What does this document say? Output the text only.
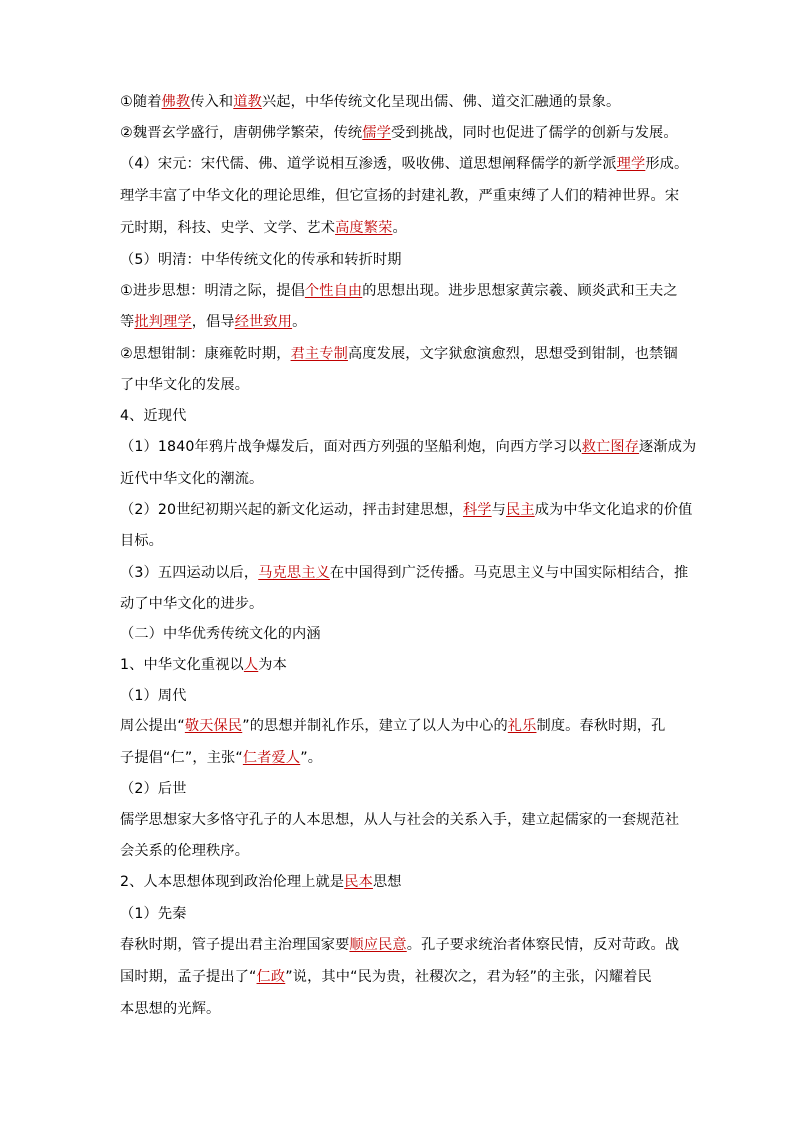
①随着佛教传入和道教兴起，中华传统文化呈现出儒、佛、道交汇融通的景象。
②魏晋玄学盛行，唐朝佛学繁荣，传统儒学受到挑战，同时也促进了儒学的创新与发展。
（4）宋元：宋代儒、佛、道学说相互渗透，吸收佛、道思想阐释儒学的新学派理学形成。
理学丰富了中华文化的理论思维，但它宣扬的封建礼教，严重束缚了人们的精神世界。宋
元时期，科技、史学、文学、艺术高度繁荣。
（5）明清：中华传统文化的传承和转折时期
①进步思想：明清之际，提倡个性自由的思想出现。进步思想家黄宗羲、顾炎武和王夫之
等批判理学，倡导经世致用。
②思想钳制：康雍乾时期，君主专制高度发展，文字狱愈演愈烈，思想受到钳制，也禁锢
了中华文化的发展。
4、近现代
（1）1840年鸦片战争爆发后，面对西方列强的坚船利炮，向西方学习以救亡图存逐渐成为
近代中华文化的潮流。
（2）20世纪初期兴起的新文化运动，抨击封建思想，科学与民主成为中华文化追求的价值
目标。
（3）五四运动以后，马克思主义在中国得到广泛传播。马克思主义与中国实际相结合，推
动了中华文化的进步。
（二）中华优秀传统文化的内涵
1、中华文化重视以人为本
（1）周代
周公提出“敬天保民”的思想并制礼作乐，建立了以人为中心的礼乐制度。春秋时期，孔
子提倡“仁”，主张“仁者爱人”。
（2）后世
儒学思想家大多恪守孔子的人本思想，从人与社会的关系入手，建立起儒家的一套规范社
会关系的伦理秩序。
2、人本思想体现到政治伦理上就是民本思想
（1）先秦
春秋时期，管子提出君主治理国家要顺应民意。孔子要求统治者体察民情，反对苛政。战
国时期，孟子提出了“仁政”说，其中“民为贵，社稷次之，君为轻”的主张，闪耀着民
本思想的光辉。
